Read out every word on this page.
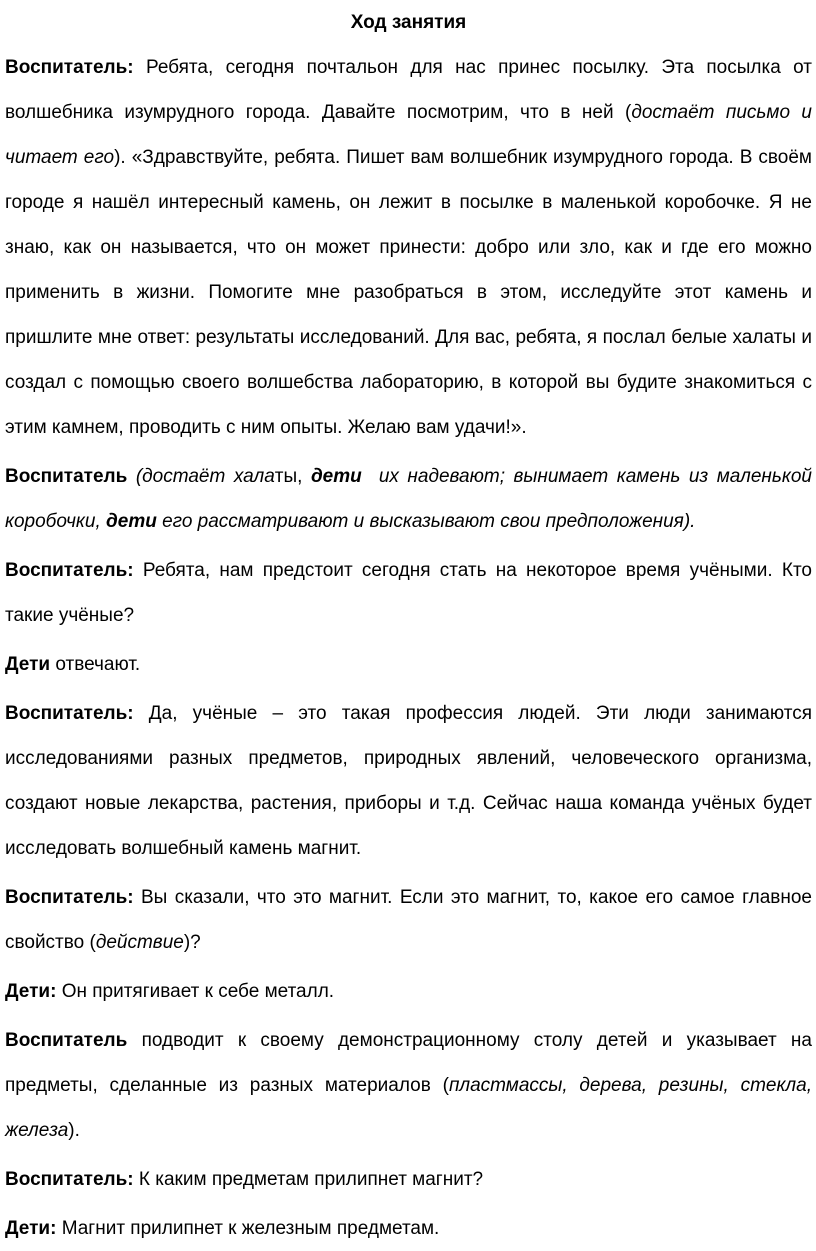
Ход занятия

Воспитатель: Ребята, сегодня почтальон для нас принес посылку. Эта посылка от волшебника изумрудного города. Давайте посмотрим, что в ней (достаёт письмо и читает его). «Здравствуйте, ребята. Пишет вам волшебник изумрудного города. В своём городе я нашёл интересный камень, он лежит в посылке в маленькой коробочке. Я не знаю, как он называется, что он может принести: добро или зло, как и где его можно применить в жизни. Помогите мне разобраться в этом, исследуйте этот камень и пришлите мне ответ: результаты исследований. Для вас, ребята, я послал белые халаты и создал с помощью своего волшебства лабораторию, в которой вы будите знакомиться с этим камнем, проводить с ним опыты. Желаю вам удачи!».

Воспитатель (достаёт халаты, дети  их надевают; вынимает камень из маленькой коробочки, дети его рассматривают и высказывают свои предположения).

Воспитатель: Ребята, нам предстоит сегодня стать на некоторое время учёными. Кто такие учёные?

Дети отвечают.

Воспитатель: Да, учёные – это такая профессия людей. Эти люди занимаются исследованиями разных предметов, природных явлений, человеческого организма, создают новые лекарства, растения, приборы и т.д. Сейчас наша команда учёных будет исследовать волшебный камень магнит.

Воспитатель: Вы сказали, что это магнит. Если это магнит, то, какое его самое главное свойство (действие)?

Дети: Он притягивает к себе металл.

Воспитатель подводит к своему демонстрационному столу детей и указывает на предметы, сделанные из разных материалов (пластмассы, дерева, резины, стекла, железа).

Воспитатель: К каким предметам прилипнет магнит?

Дети: Магнит прилипнет к железным предметам.
